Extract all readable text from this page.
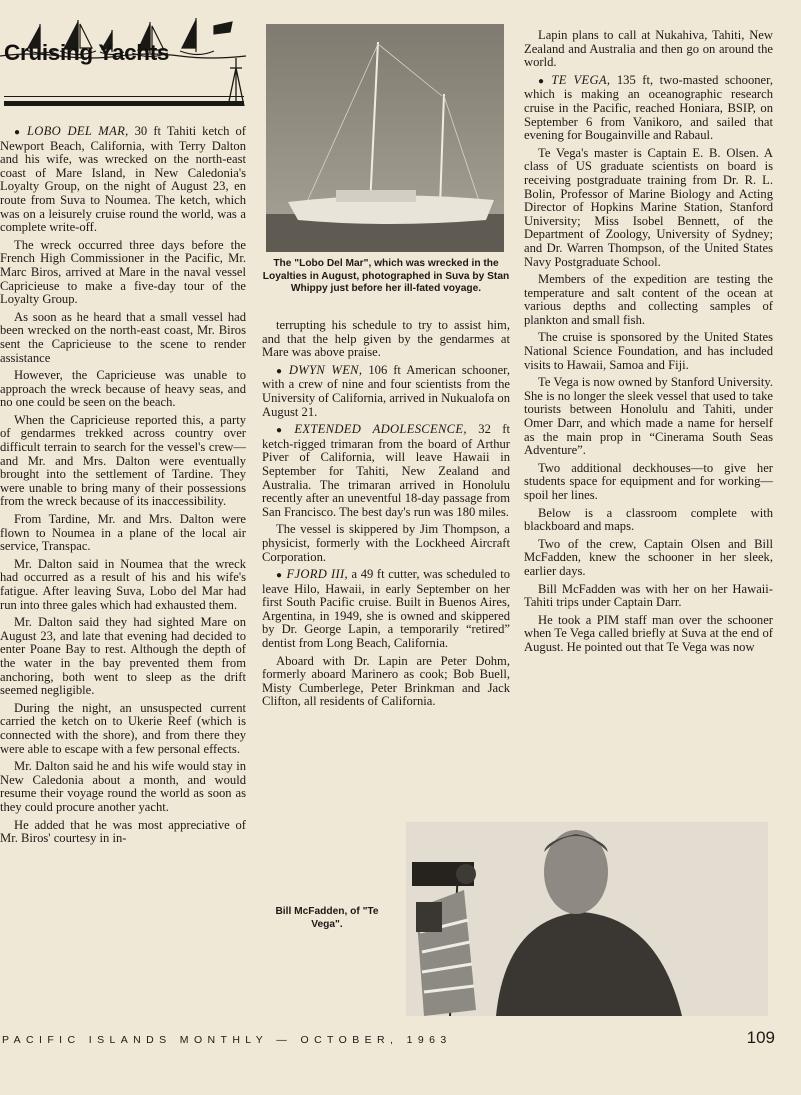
Cruising Yachts

The "Lobo Del Mar", which was wrecked in the Loyalties in August, photographed in Suva by Stan Whippy just before her ill-fated voyage.

Bill McFadden, of "Te Vega".

● LOBO DEL MAR, 30 ft Tahiti ketch of Newport Beach, California, with Terry Dalton and his wife, was wrecked on the north-east coast of Mare Island, in New Caledonia's Loyalty Group, on the night of August 23, en route from Suva to Noumea. The ketch, which was on a leisurely cruise round the world, was a complete write-off.

The wreck occurred three days before the French High Commissioner in the Pacific, Mr. Marc Biros, arrived at Mare in the naval vessel Capricieuse to make a five-day tour of the Loyalty Group.

As soon as he heard that a small vessel had been wrecked on the north-east coast, Mr. Biros sent the Capricieuse to the scene to render assistance

However, the Capricieuse was unable to approach the wreck because of heavy seas, and no one could be seen on the beach.

When the Capricieuse reported this, a party of gendarmes trekked across country over difficult terrain to search for the vessel's crew—and Mr. and Mrs. Dalton were eventually brought into the settlement of Tardine. They were unable to bring many of their possessions from the wreck because of its inaccessibility.

From Tardine, Mr. and Mrs. Dalton were flown to Noumea in a plane of the local air service, Transpac.

Mr. Dalton said in Noumea that the wreck had occurred as a result of his and his wife's fatigue. After leaving Suva, Lobo del Mar had run into three gales which had exhausted them.

Mr. Dalton said they had sighted Mare on August 23, and late that evening had decided to enter Poane Bay to rest. Although the depth of the water in the bay prevented them from anchoring, both went to sleep as the drift seemed negligible.

During the night, an unsuspected current carried the ketch on to Ukerie Reef (which is connected with the shore), and from there they were able to escape with a few personal effects.

Mr. Dalton said he and his wife would stay in New Caledonia about a month, and would resume their voyage round the world as soon as they could procure another yacht.

He added that he was most appreciative of Mr. Biros' courtesy in in-

terrupting his schedule to try to assist him, and that the help given by the gendarmes at Mare was above praise.

● DWYN WEN, 106 ft American schooner, with a crew of nine and four scientists from the University of California, arrived in Nukualofa on August 21.

● EXTENDED ADOLESCENCE, 32 ft ketch-rigged trimaran from the board of Arthur Piver of California, will leave Hawaii in September for Tahiti, New Zealand and Australia. The trimaran arrived in Honolulu recently after an uneventful 18-day passage from San Francisco. The best day's run was 180 miles.

The vessel is skippered by Jim Thompson, a physicist, formerly with the Lockheed Aircraft Corporation.

● FJORD III, a 49 ft cutter, was scheduled to leave Hilo, Hawaii, in early September on her first South Pacific cruise. Built in Buenos Aires, Argentina, in 1949, she is owned and skippered by Dr. George Lapin, a temporarily “retired” dentist from Long Beach, California.

Aboard with Dr. Lapin are Peter Dohm, formerly aboard Marinero as cook; Bob Buell, Misty Cumberlege, Peter Brinkman and Jack Clifton, all residents of California.

Lapin plans to call at Nukahiva, Tahiti, New Zealand and Australia and then go on around the world.

● TE VEGA, 135 ft, two-masted schooner, which is making an oceanographic research cruise in the Pacific, reached Honiara, BSIP, on September 6 from Vanikoro, and sailed that evening for Bougainville and Rabaul.

Te Vega's master is Captain E. B. Olsen. A class of US graduate scientists on board is receiving postgraduate training from Dr. R. L. Bolin, Professor of Marine Biology and Acting Director of Hopkins Marine Station, Stanford University; Miss Isobel Bennett, of the Department of Zoology, University of Sydney; and Dr. Warren Thompson, of the United States Navy Postgraduate School.

Members of the expedition are testing the temperature and salt content of the ocean at various depths and collecting samples of plankton and small fish.

The cruise is sponsored by the United States National Science Foundation, and has included visits to Hawaii, Samoa and Fiji.

Te Vega is now owned by Stanford University. She is no longer the sleek vessel that used to take tourists between Honolulu and Tahiti, under Omer Darr, and which made a name for herself as the main prop in “Cinerama South Seas Adventure”.

Two additional deckhouses—to give her students space for equipment and for working—spoil her lines.

Below is a classroom complete with blackboard and maps.

Two of the crew, Captain Olsen and Bill McFadden, knew the schooner in her sleek, earlier days.

Bill McFadden was with her on her Hawaii-Tahiti trips under Captain Darr.

He took a PIM staff man over the schooner when Te Vega called briefly at Suva at the end of August. He pointed out that Te Vega was now

PACIFIC ISLANDS MONTHLY — OCTOBER, 1963	109
